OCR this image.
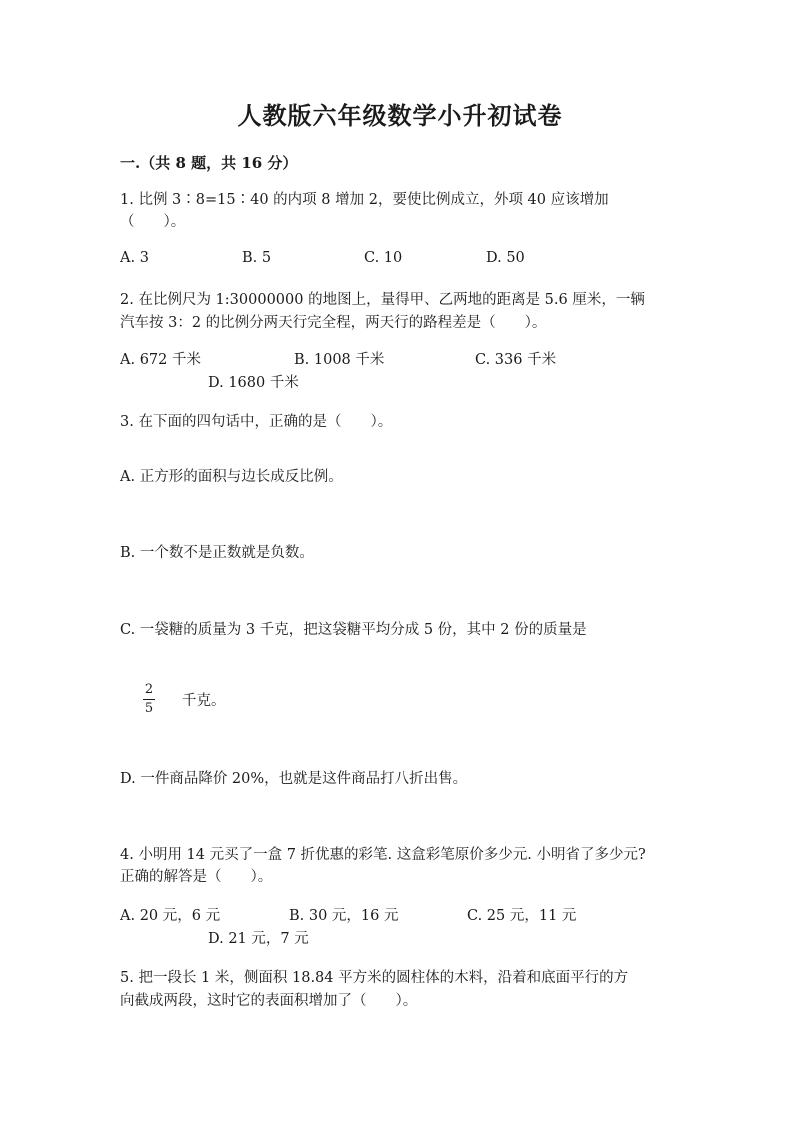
人教版六年级数学小升初试卷
一.（共 8 题，共 16 分）
1. 比例 3∶8=15∶40 的内项 8 增加 2，要使比例成立，外项 40 应该增加
（　　）。
A. 3	B. 5	C. 10	D. 50
2. 在比例尺为 1:30000000 的地图上，量得甲、乙两地的距离是 5.6 厘米，一辆
汽车按 3：2 的比例分两天行完全程，两天行的路程差是（　　）。
A. 672 千米	B. 1008 千米	C. 336 千米
D. 1680 千米
3. 在下面的四句话中，正确的是（　　）。
A. 正方形的面积与边长成反比例。
B. 一个数不是正数就是负数。
C. 一袋糖的质量为 3 千克，把这袋糖平均分成 5 份，其中 2 份的质量是
2
5 千克。
D. 一件商品降价 20%，也就是这件商品打八折出售。
4. 小明用 14 元买了一盒 7 折优惠的彩笔. 这盒彩笔原价多少元. 小明省了多少元?
正确的解答是（　　）。
A. 20 元，6 元	B. 30 元，16 元	C. 25 元，11 元
D. 21 元，7 元
5. 把一段长 1 米，侧面积 18.84 平方米的圆柱体的木料，沿着和底面平行的方
向截成两段，这时它的表面积增加了（　　）。
